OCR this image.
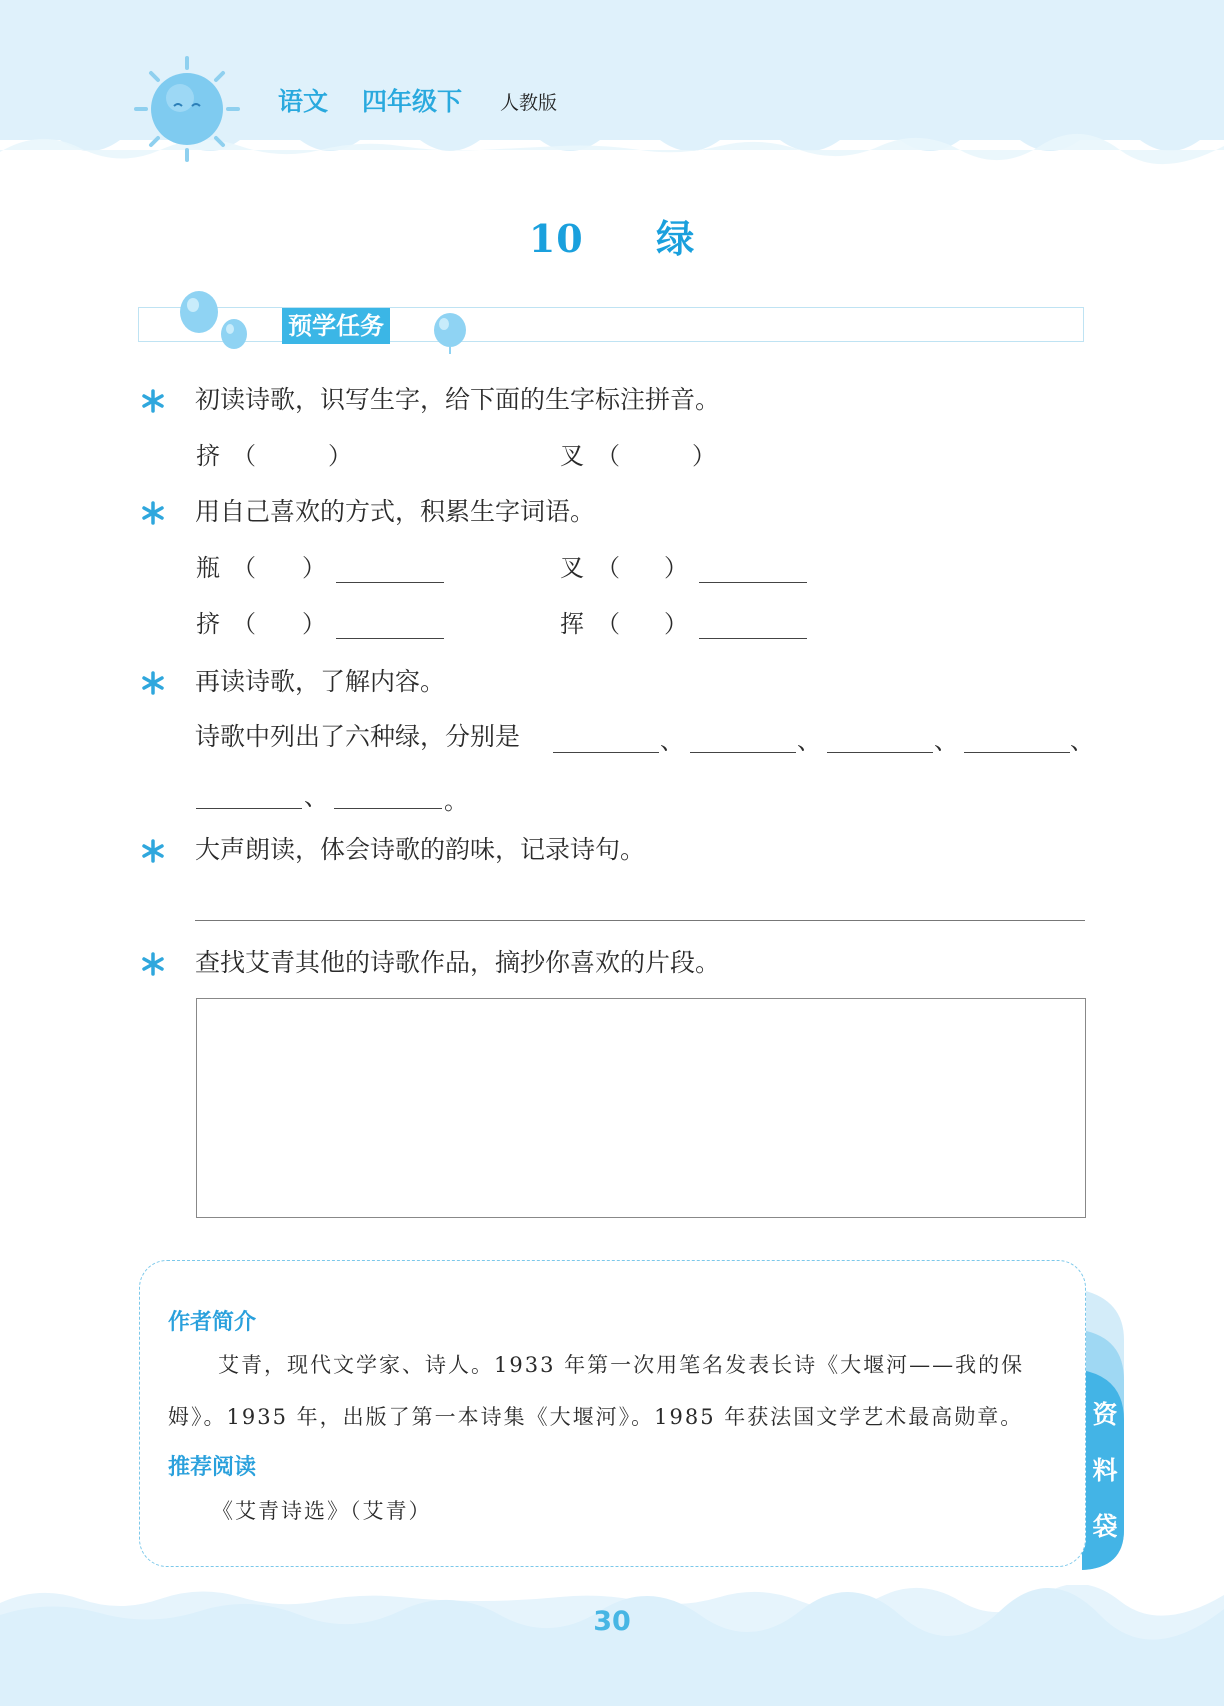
语文 四年级下 人教版
10 绿
预学任务
初读诗歌，识写生字，给下面的生字标注拼音。
挤 （	）	叉 （	）
用自己喜欢的方式，积累生字词语。
瓶 （ ）	叉 （ ）
挤 （ ）	挥 （ ）
再读诗歌，了解内容。
诗歌中列出了六种绿，分别是	、	、	、	、
、	。
大声朗读，体会诗歌的韵味，记录诗句。
查找艾青其他的诗歌作品，摘抄你喜欢的片段。
资
料
袋
作者简介
艾青，现代文学家、诗人。1933 年第一次用笔名发表长诗《大堰河——我的保
姆》。1935 年，出版了第一本诗集《大堰河》。1985 年获法国文学艺术最高勋章。
推荐阅读
《艾青诗选》（艾青）
30
